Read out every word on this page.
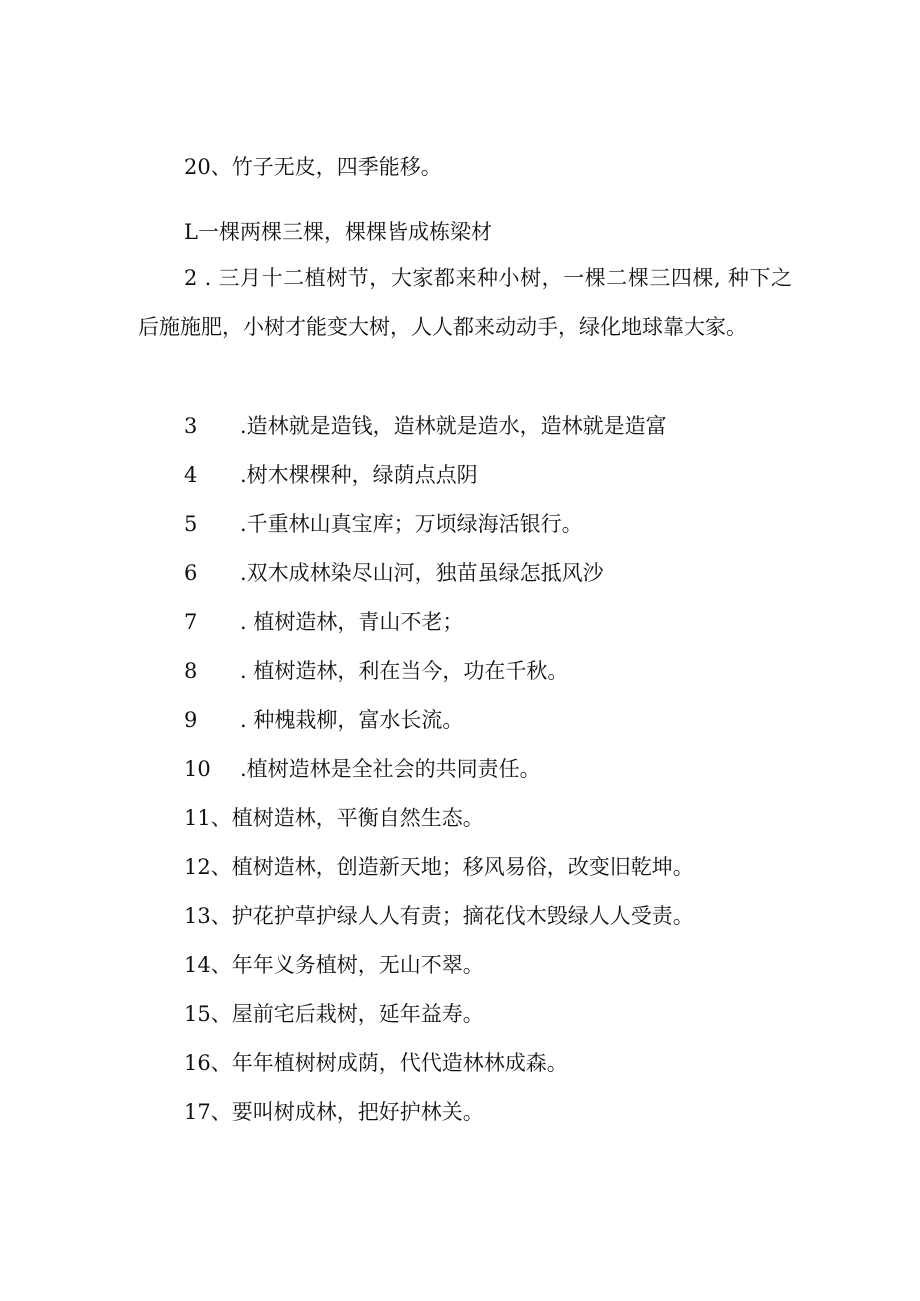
20、竹子无皮，四季能移。
L一棵两棵三棵，棵棵皆成栋梁材
2 . 三月十二植树节，大家都来种小树，一棵二棵三四棵, 种下之后施施肥，小树才能变大树，人人都来动动手，绿化地球靠大家。
3 .造林就是造钱，造林就是造水，造林就是造富
4 .树木棵棵种，绿荫点点阴
5 .千重林山真宝库；万顷绿海活银行。
6 .双木成林染尽山河，独苗虽绿怎抵风沙
7 . 植树造林，青山不老；
8 . 植树造林，利在当今，功在千秋。
9 . 种槐栽柳，富水长流。
10 .植树造林是全社会的共同责任。
11、植树造林，平衡自然生态。
12、植树造林，创造新天地；移风易俗，改变旧乾坤。
13、护花护草护绿人人有责；摘花伐木毁绿人人受责。
14、年年义务植树，无山不翠。
15、屋前宅后栽树，延年益寿。
16、年年植树树成荫，代代造林林成森。
17、要叫树成林，把好护林关。
